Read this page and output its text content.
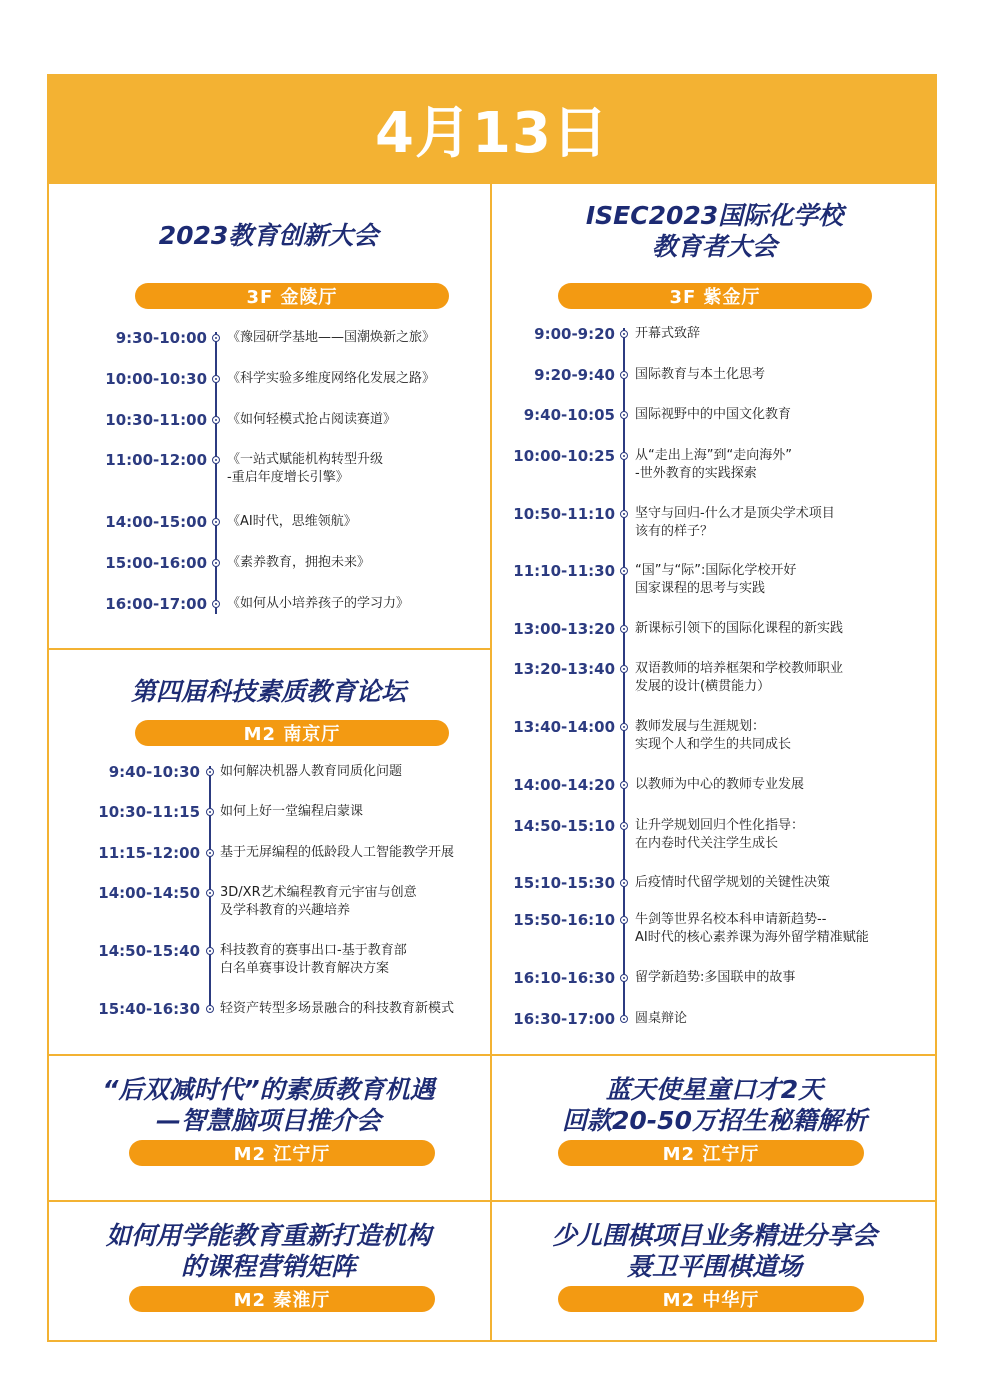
4月13日
2023教育创新大会
3F 金陵厅
9:30-10:00 《豫园研学基地——国潮焕新之旅》
10:00-10:30 《科学实验多维度网络化发展之路》
10:30-11:00 《如何轻模式抢占阅读赛道》
11:00-12:00 《一站式赋能机构转型升级
-重启年度增长引擎》
14:00-15:00 《AI时代，思维领航》
15:00-16:00 《素养教育，拥抱未来》
16:00-17:00 《如何从小培养孩子的学习力》
第四届科技素质教育论坛
M2 南京厅
9:40-10:30 如何解决机器人教育同质化问题
10:30-11:15 如何上好一堂编程启蒙课
11:15-12:00 基于无屏编程的低龄段人工智能教学开展
14:00-14:50 3D/XR艺术编程教育元宇宙与创意
及学科教育的兴趣培养
14:50-15:40 科技教育的赛事出口-基于教育部
白名单赛事设计教育解决方案
15:40-16:30 轻资产转型多场景融合的科技教育新模式
ISEC2023国际化学校
教育者大会
3F 紫金厅
9:00-9:20 开幕式致辞
9:20-9:40 国际教育与本土化思考
9:40-10:05 国际视野中的中国文化教育
10:00-10:25 从“走出上海”到“走向海外”
-世外教育的实践探索
10:50-11:10 坚守与回归-什么才是顶尖学术项目
该有的样子？
11:10-11:30 “国”与“际”:国际化学校开好
国家课程的思考与实践
13:00-13:20 新课标引领下的国际化课程的新实践
13:20-13:40 双语教师的培养框架和学校教师职业
发展的设计(横贯能力）
13:40-14:00 教师发展与生涯规划：
实现个人和学生的共同成长
14:00-14:20 以教师为中心的教师专业发展
14:50-15:10 让升学规划回归个性化指导：
在内卷时代关注学生成长
15:10-15:30 后疫情时代留学规划的关键性决策
15:50-16:10 牛剑等世界名校本科申请新趋势--
AI时代的核心素养课为海外留学精准赋能
16:10-16:30 留学新趋势:多国联申的故事
16:30-17:00 圆桌辩论
“后双减时代”的素质教育机遇
—智慧脑项目推介会
M2 江宁厅
蓝天使星童口才2天
回款20-50万招生秘籍解析
M2 江宁厅
如何用学能教育重新打造机构
的课程营销矩阵
M2 秦淮厅
少儿围棋项目业务精进分享会
聂卫平围棋道场
M2 中华厅
